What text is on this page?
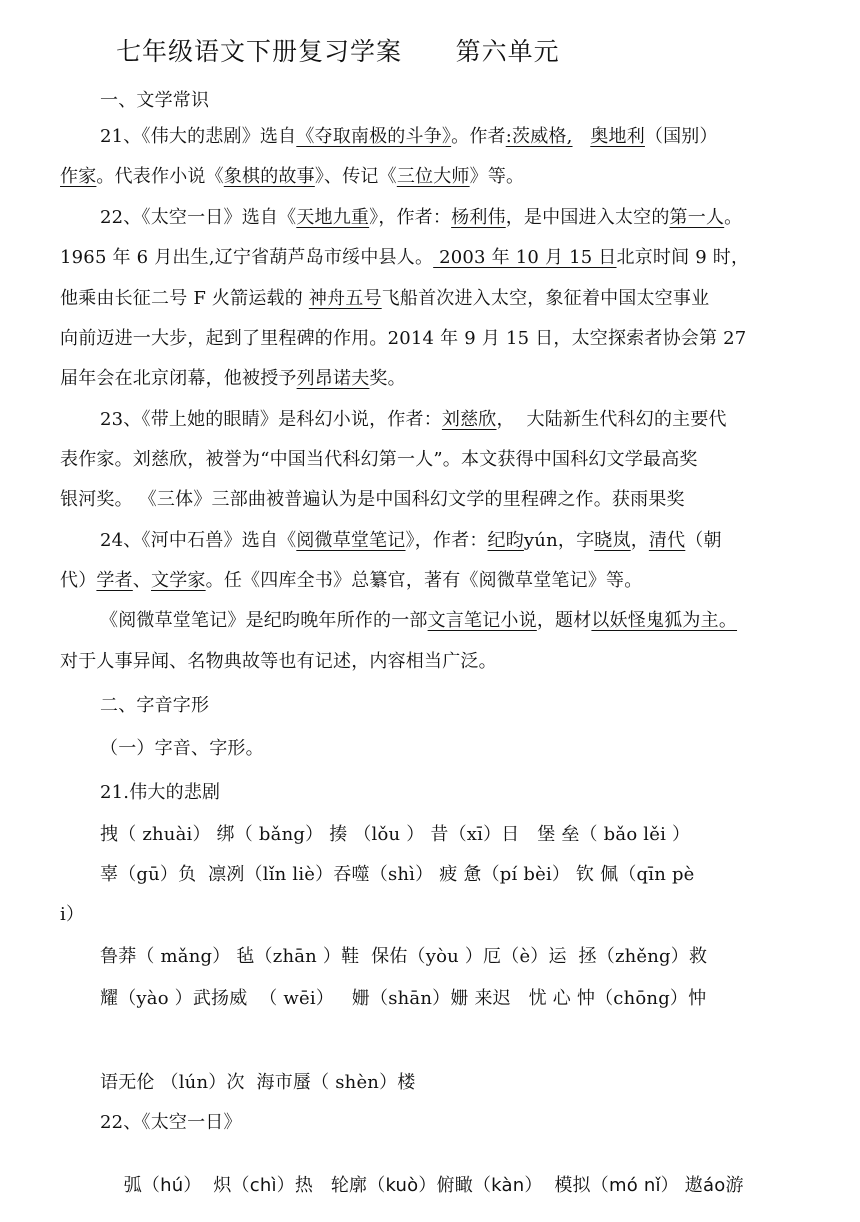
七年级语文下册复习学案      第六单元
一、文学常识
21、《伟大的悲剧》选自《夺取南极的斗争》。作者:茨威格, 奥地利（国别）
作家。代表作小说《象棋的故事》、传记《三位大师》等。
22、《太空一日》选自《天地九重》，作者：杨利伟，是中国进入太空的第一人。
1965 年 6 月出生,辽宁省葫芦岛市绥中县人。 2003 年 10 月 15 日北京时间 9 时，
他乘由长征二号 F 火箭运载的 神舟五号飞船首次进入太空，象征着中国太空事业
向前迈进一大步，起到了里程碑的作用。2014 年 9 月 15 日，太空探索者协会第 27
届年会在北京闭幕，他被授予列昂诺夫奖。
23、《带上她的眼睛》是科幻小说，作者：刘慈欣，  大陆新生代科幻的主要代
表作家。刘慈欣，被誉为“中国当代科幻第一人”。本文获得中国科幻文学最高奖
银河奖。 《三体》三部曲被普遍认为是中国科幻文学的里程碑之作。获雨果奖
24、《河中石兽》选自《阅微草堂笔记》，作者：纪昀yún，字晓岚，清代（朝
代）学者、文学家。任《四库全书》总纂官，著有《阅微草堂笔记》等。
《阅微草堂笔记》是纪昀晚年所作的一部文言笔记小说，题材以妖怪鬼狐为主。
对于人事异闻、名物典故等也有记述，内容相当广泛。
二、字音字形
（一）字音、字形。
21.伟大的悲剧
拽（ zhuài） 绑（ bǎng） 揍 （lǒu ） 昔（xī）日   堡 垒（ bǎo lěi ）
辜（gū）负  凛冽（lǐn liè）吞噬（shì） 疲 惫（pí bèi） 钦 佩（qīn pè
i）
鲁莽（ mǎng） 毡（zhān ）鞋  保佑（yòu ）厄（è）运  拯（zhěng）救
耀（yào ）武扬威  （ wēi）   姗（shān）姗 来迟   忧 心 忡（chōng）忡
语无伦 （lún）次  海市蜃（ shèn）楼
22、《太空一日》

弧（hú）  炽（chì）热   轮廓（kuò）俯瞰（kàn）  模拟（mó nǐ） 遨áo游
